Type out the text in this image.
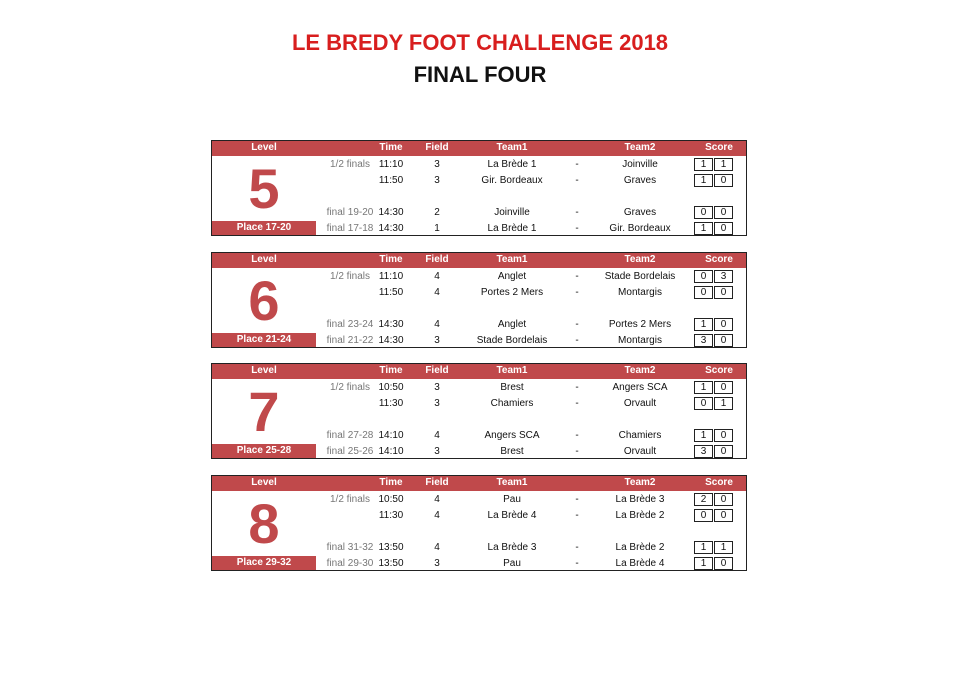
LE BREDY FOOT CHALLENGE 2018
FINAL FOUR
Level	Time	Field	Team1	Team2	Score
5
Place 17-20
1/2 finals 11:10	3	La Brède 1	-	Joinville	1	1
11:50	3	Gir. Bordeaux	-	Graves	1	0
final 19-20 14:30	2	Joinville	-	Graves	0	0
final 17-18 14:30	1	La Brède 1	-	Gir. Bordeaux	1	0
Level	Time	Field	Team1	Team2	Score
6
Place 21-24
1/2 finals 11:10	4	Anglet	-	Stade Bordelais	0	3
11:50	4	Portes 2 Mers	-	Montargis	0	0
final 23-24 14:30	4	Anglet	-	Portes 2 Mers	1	0
final 21-22 14:30	3	Stade Bordelais	-	Montargis	3	0
Level	Time	Field	Team1	Team2	Score
7
Place 25-28
1/2 finals 10:50	3	Brest	-	Angers SCA	1	0
11:30	3	Chamiers	-	Orvault	0	1
final 27-28 14:10	4	Angers SCA	-	Chamiers	1	0
final 25-26 14:10	3	Brest	-	Orvault	3	0
Level	Time	Field	Team1	Team2	Score
8
Place 29-32
1/2 finals 10:50	4	Pau	-	La Brède 3	2	0
11:30	4	La Brède 4	-	La Brède 2	0	0
final 31-32 13:50	4	La Brède 3	-	La Brède 2	1	1
final 29-30 13:50	3	Pau	-	La Brède 4	1	0
